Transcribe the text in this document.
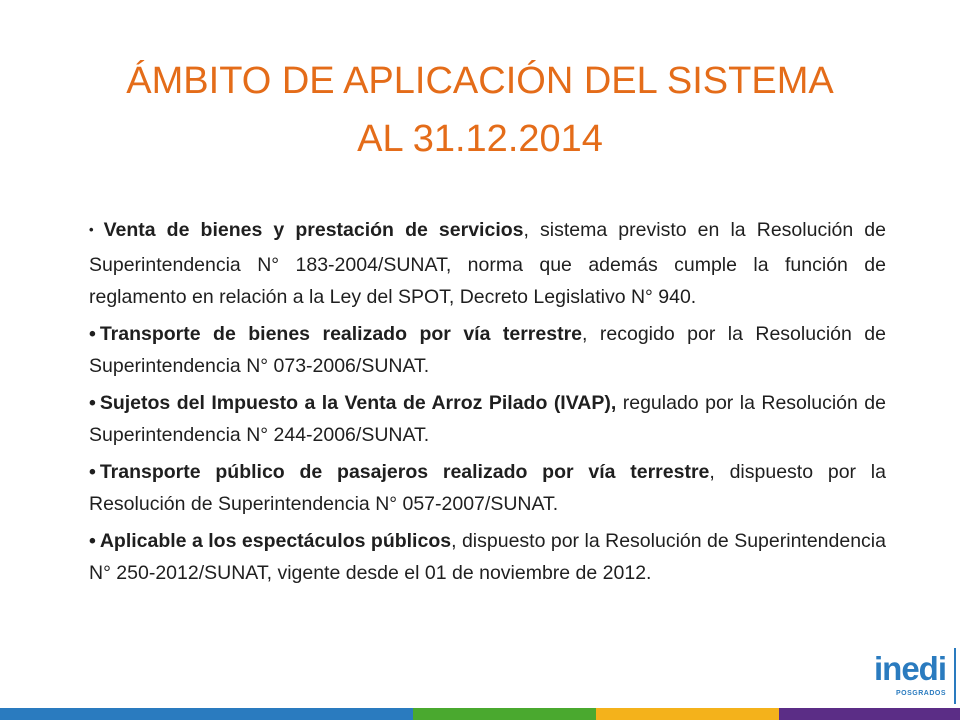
ÁMBITO DE APLICACIÓN DEL SISTEMA
AL 31.12.2014

• Venta de bienes y prestación de servicios, sistema previsto en la Resolución de Superintendencia N° 183-2004/SUNAT, norma que además cumple la función de reglamento en relación a la Ley del SPOT, Decreto Legislativo N° 940.

• Transporte de bienes realizado por vía terrestre, recogido por la Resolución de Superintendencia N° 073-2006/SUNAT.

• Sujetos del Impuesto a la Venta de Arroz Pilado (IVAP), regulado por la Resolución de Superintendencia N° 244-2006/SUNAT.

• Transporte público de pasajeros realizado por vía terrestre, dispuesto por la Resolución de Superintendencia N° 057-2007/SUNAT.

• Aplicable a los espectáculos públicos, dispuesto por la Resolución de Superintendencia N° 250-2012/SUNAT, vigente desde el 01 de noviembre de 2012.

inedi
POSGRADOS
